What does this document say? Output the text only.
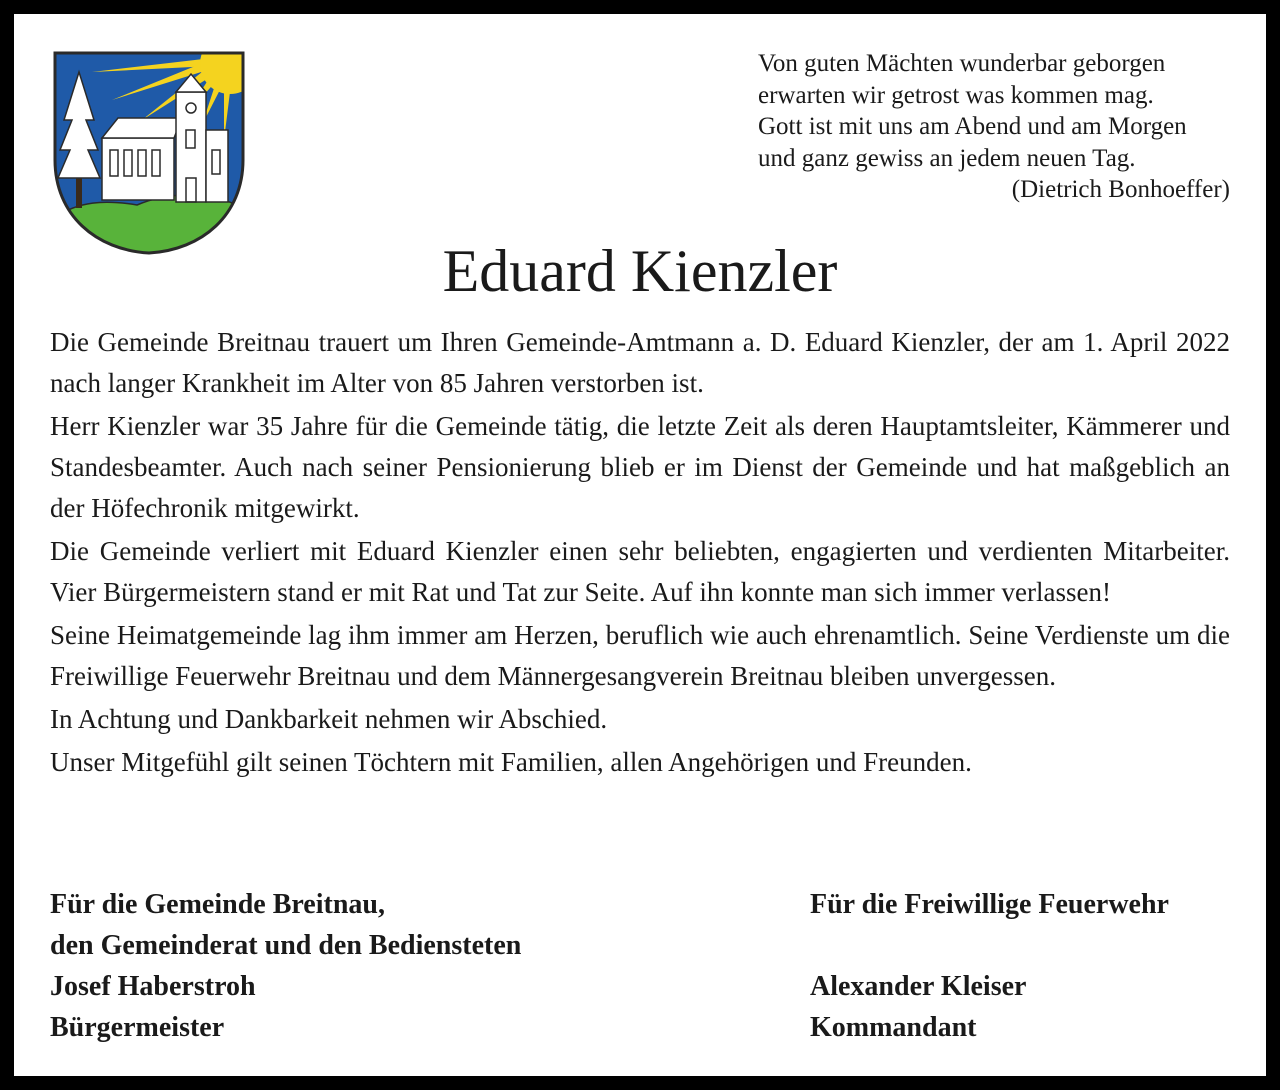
Von guten Mächten wunderbar geborgen
erwarten wir getrost was kommen mag.
Gott ist mit uns am Abend und am Morgen
und ganz gewiss an jedem neuen Tag.
(Dietrich Bonhoeffer)
Eduard Kienzler

Die Gemeinde Breitnau trauert um Ihren Gemeinde-Amtmann a. D. Eduard Kienzler, der am 1. April 2022 nach langer Krankheit im Alter von 85 Jahren verstorben ist.

Herr Kienzler war 35 Jahre für die Gemeinde tätig, die letzte Zeit als deren Hauptamtsleiter, Kämmerer und Standesbeamter. Auch nach seiner Pensionierung blieb er im Dienst der Gemeinde und hat maßgeblich an der Höfechronik mitgewirkt.

Die Gemeinde verliert mit Eduard Kienzler einen sehr beliebten, engagierten und verdienten Mitarbeiter. Vier Bürgermeistern stand er mit Rat und Tat zur Seite. Auf ihn konnte man sich immer verlassen!

Seine Heimatgemeinde lag ihm immer am Herzen, beruflich wie auch ehrenamtlich. Seine Verdienste um die Freiwillige Feuerwehr Breitnau und dem Männergesangverein Breitnau bleiben unvergessen.

In Achtung und Dankbarkeit nehmen wir Abschied.

Unser Mitgefühl gilt seinen Töchtern mit Familien, allen Angehörigen und Freunden.

Für die Gemeinde Breitnau,
den Gemeinderat und den Bediensteten
Josef Haberstroh
Bürgermeister
Für die Freiwillige Feuerwehr
Alexander Kleiser
Kommandant
